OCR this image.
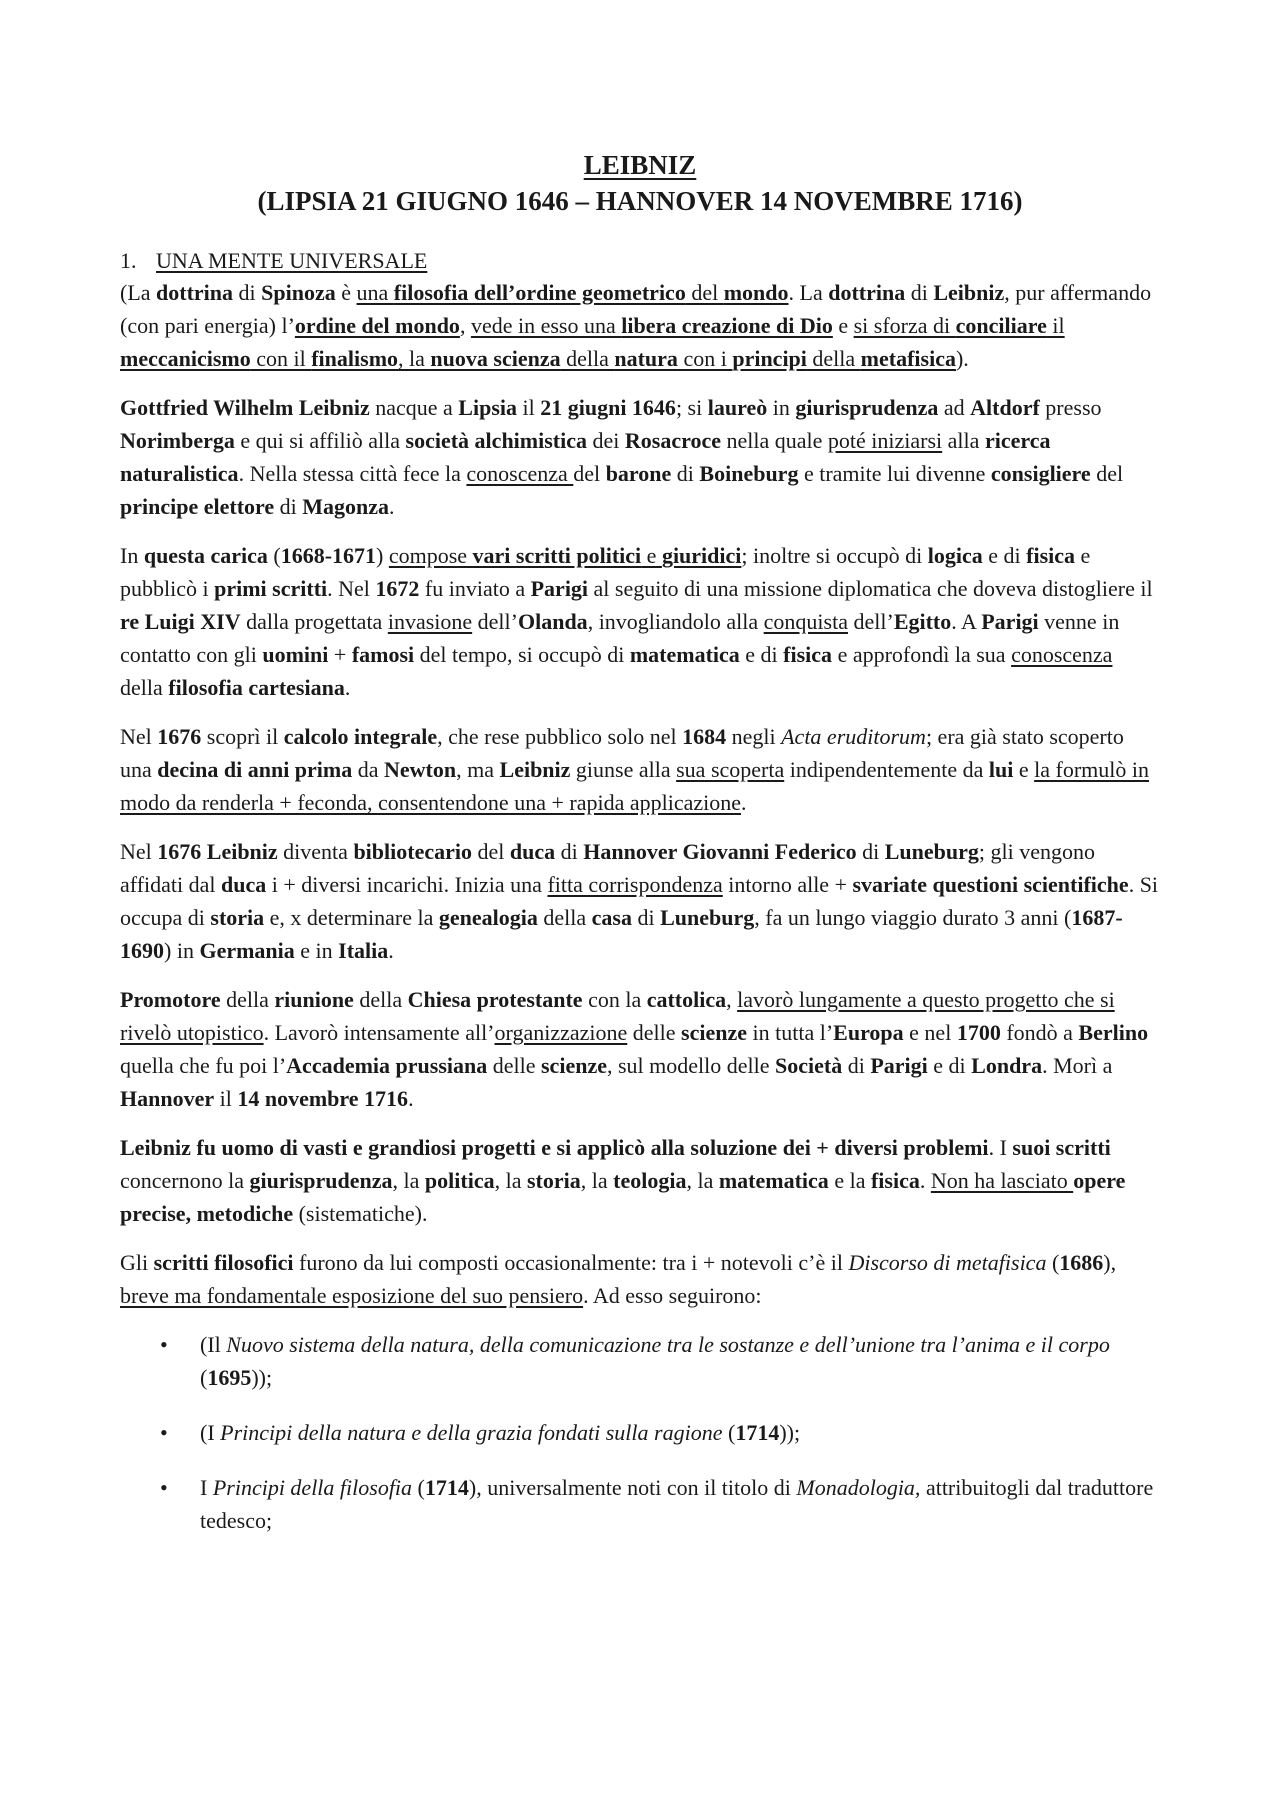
LEIBNIZ
(LIPSIA 21 GIUGNO 1646 – HANNOVER 14 NOVEMBRE 1716)
1. UNA MENTE UNIVERSALE

(La dottrina di Spinoza è una filosofia dell’ordine geometrico del mondo. La dottrina di Leibniz, pur affermando (con pari energia) l’ordine del mondo, vede in esso una libera creazione di Dio e si sforza di conciliare il meccanicismo con il finalismo, la nuova scienza della natura con i principi della metafisica).

Gottfried Wilhelm Leibniz nacque a Lipsia il 21 giugni 1646; si laureò in giurisprudenza ad Altdorf presso Norimberga e qui si affiliò alla società alchimistica dei Rosacroce nella quale poté iniziarsi alla ricerca naturalistica. Nella stessa città fece la conoscenza del barone di Boineburg e tramite lui divenne consigliere del principe elettore di Magonza.

In questa carica (1668-1671) compose vari scritti politici e giuridici; inoltre si occupò di logica e di fisica e pubblicò i primi scritti. Nel 1672 fu inviato a Parigi al seguito di una missione diplomatica che doveva distogliere il re Luigi XIV dalla progettata invasione dell’Olanda, invogliandolo alla conquista dell’Egitto. A Parigi venne in contatto con gli uomini + famosi del tempo, si occupò di matematica e di fisica e approfondì la sua conoscenza della filosofia cartesiana.

Nel 1676 scoprì il calcolo integrale, che rese pubblico solo nel 1684 negli Acta eruditorum; era già stato scoperto una decina di anni prima da Newton, ma Leibniz giunse alla sua scoperta indipendentemente da lui e la formulò in modo da renderla + feconda, consentendone una + rapida applicazione.

Nel 1676 Leibniz diventa bibliotecario del duca di Hannover Giovanni Federico di Luneburg; gli vengono affidati dal duca i + diversi incarichi. Inizia una fitta corrispondenza intorno alle + svariate questioni scientifiche. Si occupa di storia e, x determinare la genealogia della casa di Luneburg, fa un lungo viaggio durato 3 anni (1687-1690) in Germania e in Italia.

Promotore della riunione della Chiesa protestante con la cattolica, lavorò lungamente a questo progetto che si rivelò utopistico. Lavorò intensamente all’organizzazione delle scienze in tutta l’Europa e nel 1700 fondò a Berlino quella che fu poi l’Accademia prussiana delle scienze, sul modello delle Società di Parigi e di Londra. Morì a Hannover il 14 novembre 1716.

Leibniz fu uomo di vasti e grandiosi progetti e si applicò alla soluzione dei + diversi problemi. I suoi scritti concernono la giurisprudenza, la politica, la storia, la teologia, la matematica e la fisica. Non ha lasciato opere precise, metodiche (sistematiche).

Gli scritti filosofici furono da lui composti occasionalmente: tra i + notevoli c’è il Discorso di metafisica (1686), breve ma fondamentale esposizione del suo pensiero. Ad esso seguirono:

• (Il Nuovo sistema della natura, della comunicazione tra le sostanze e dell’unione tra l’anima e il corpo (1695));
• (I Principi della natura e della grazia fondati sulla ragione (1714));
• I Principi della filosofia (1714), universalmente noti con il titolo di Monadologia, attribuitogli dal traduttore tedesco;
